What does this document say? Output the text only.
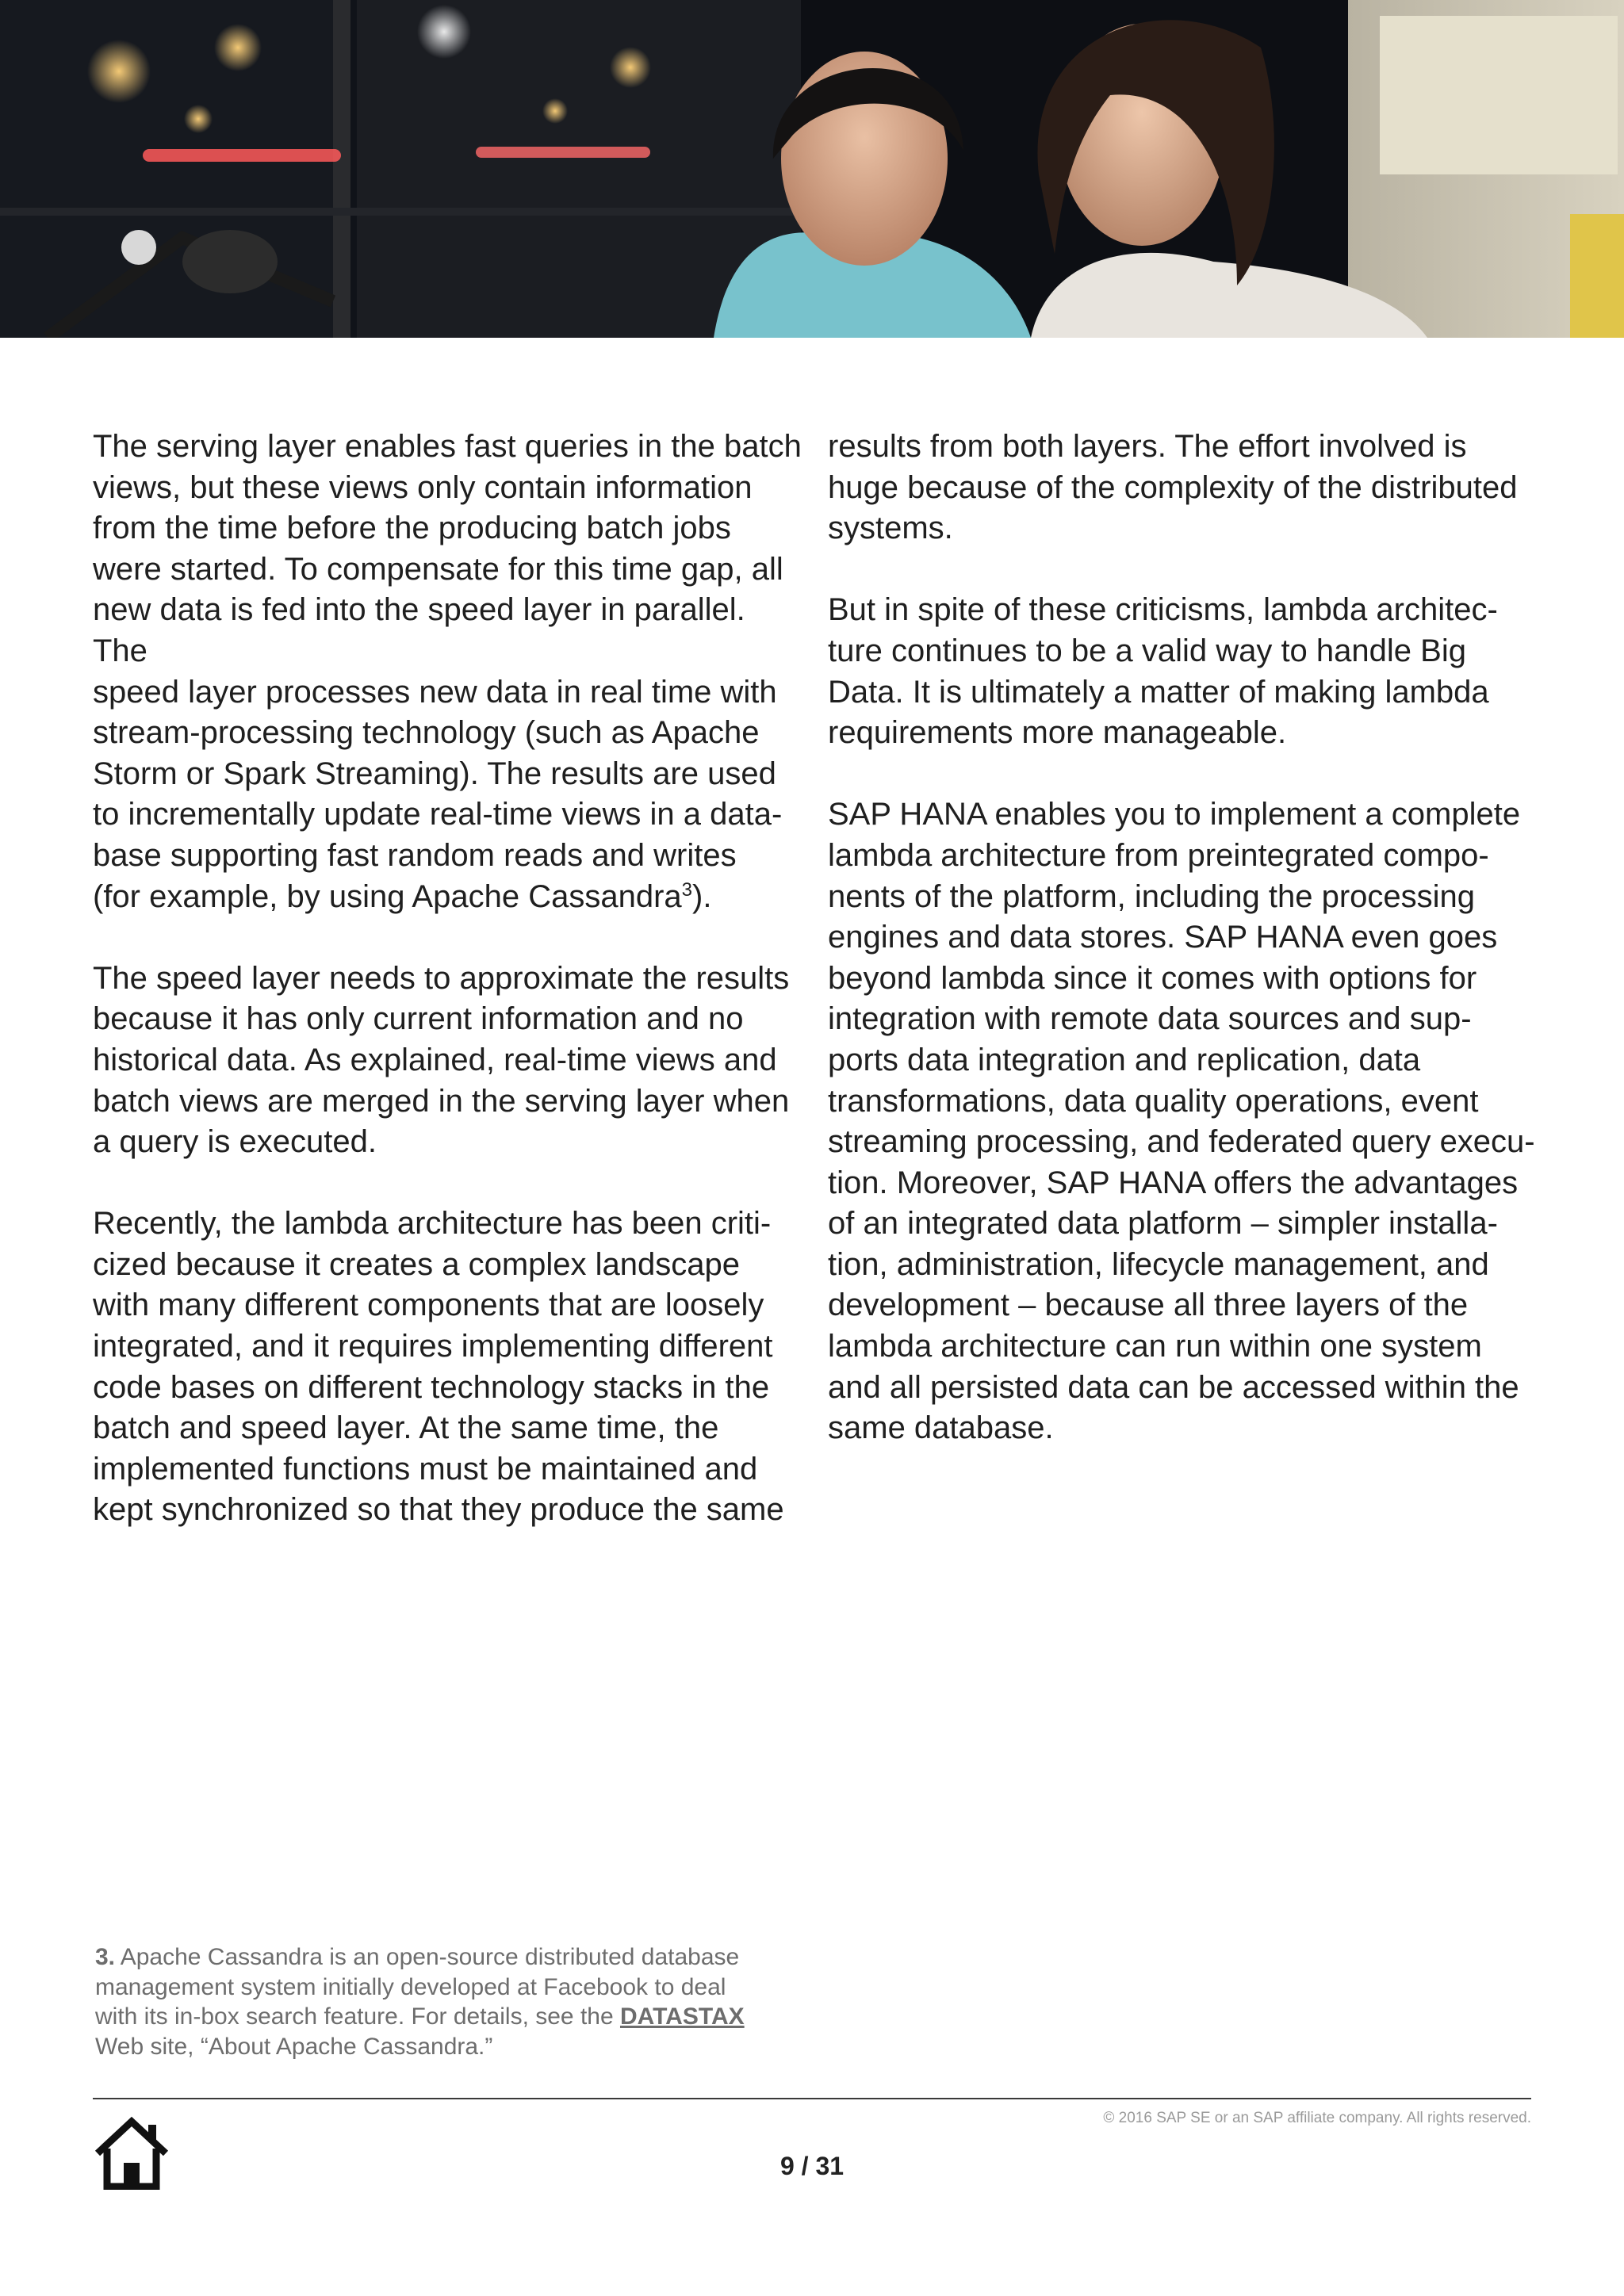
The serving layer enables fast queries in the batch
views, but these views only contain information
from the time before the producing batch jobs
were started. To compensate for this time gap, all
new data is fed into the speed layer in parallel. The
speed layer processes new data in real time with
stream-processing technology (such as Apache
Storm or Spark Streaming). The results are used
to incrementally update real-time views in a data-
base supporting fast random reads and writes
(for example, by using Apache Cassandra$^3$).

The speed layer needs to approximate the results
because it has only current information and no
historical data. As explained, real-time views and
batch views are merged in the serving layer when
a query is executed.

Recently, the lambda architecture has been criti-
cized because it creates a complex landscape
with many different components that are loosely
integrated, and it requires implementing different
code bases on different technology stacks in the
batch and speed layer. At the same time, the
implemented functions must be maintained and
kept synchronized so that they produce the same

results from both layers. The effort involved is
huge because of the complexity of the distributed
systems.

But in spite of these criticisms, lambda architec-
ture continues to be a valid way to handle Big
Data. It is ultimately a matter of making lambda
requirements more manageable.

SAP HANA enables you to implement a complete
lambda architecture from preintegrated compo-
nents of the platform, including the processing
engines and data stores. SAP HANA even goes
beyond lambda since it comes with options for
integration with remote data sources and sup-
ports data integration and replication, data
transformations, data quality operations, event
streaming processing, and federated query execu-
tion. Moreover, SAP HANA offers the advantages
of an integrated data platform – simpler installa-
tion, administration, lifecycle management, and
development – because all three layers of the
lambda architecture can run within one system
and all persisted data can be accessed within the
same database.

3. Apache Cassandra is an open-source distributed database
management system initially developed at Facebook to deal
with its in-box search feature. For details, see the DATASTAX
Web site, “About Apache Cassandra.”
© 2016 SAP SE or an SAP affiliate company. All rights reserved.
9 / 31
